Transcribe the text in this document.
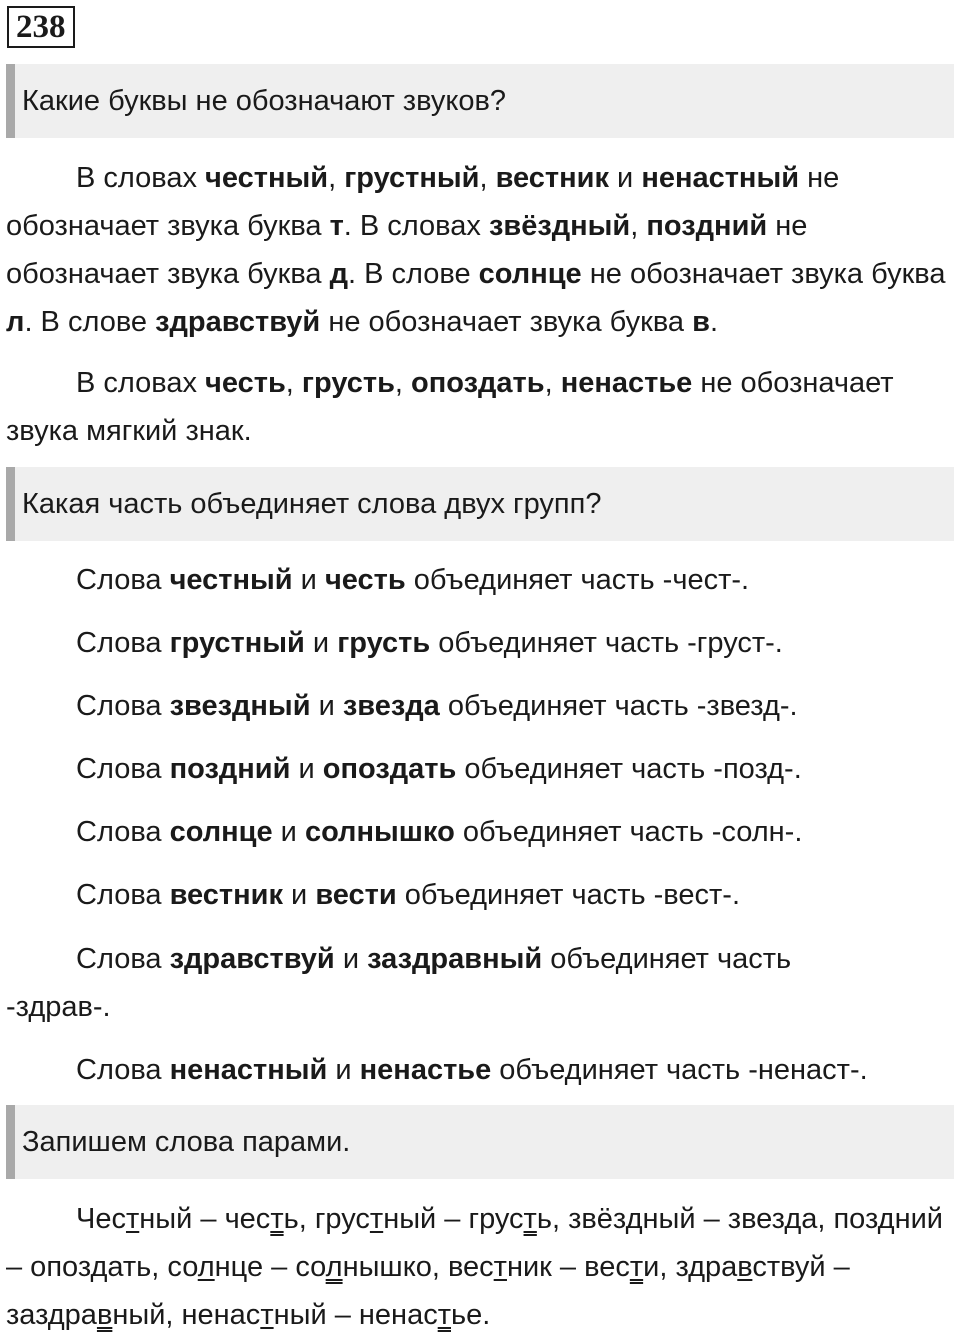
238
Какие буквы не обозначают звуков?

В словах честный, грустный, вестник и ненастный не обозначает звука буква т. В словах звёздный, поздний не обозначает звука буква д. В слове солнце не обозначает звука буква л. В слове здравствуй не обозначает звука буква в.

В словах честь, грусть, опоздать, ненастье не обозначает звука мягкий знак.

Какая часть объединяет слова двух групп?

Слова честный и честь объединяет часть -чест-.

Слова грустный и грусть объединяет часть -груст-.

Слова звездный и звезда объединяет часть -звезд-.

Слова поздний и опоздать объединяет часть -позд-.

Слова солнце и солнышко объединяет часть -солн-.

Слова вестник и вести объединяет часть -вест-.

Слова здравствуй и заздравный объединяет часть -здрав-.

Слова ненастный и ненастье объединяет часть -ненаст-.

Запишем слова парами.

Честный – честь, грустный – грусть, звёздный – звезда, поздний – опоздать, солнце – солнышко, вестник – вести, здравствуй – заздравный, ненастный – ненастье.
